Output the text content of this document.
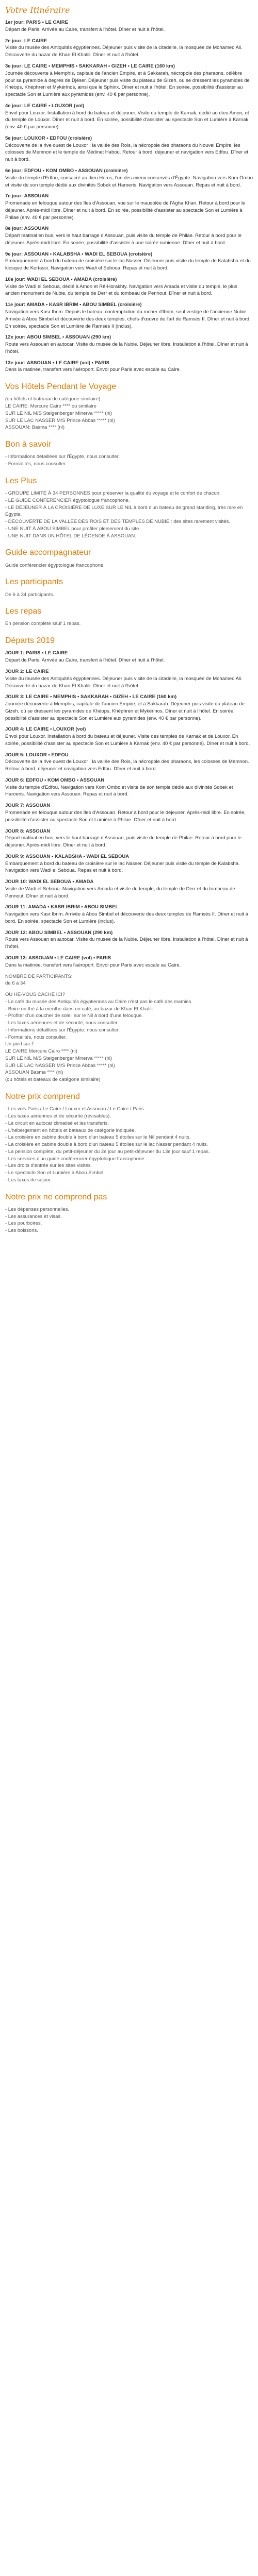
Votre Itinéraire
1er jour: PARIS • LE CAIRE

Départ de Paris. Arrivée au Caire, transfert à l'hôtel. Dîner et nuit à l'hôtel.

2e jour: LE CAIRE

Visite du musée des Antiquités égyptiennes. Déjeuner puis visite de la citadelle, la mosquée de Mohamed Ali. Découverte du bazar de Khan El Khalili. Dîner et nuit à l'hôtel.

3e jour: LE CAIRE • MEMPHIS • SAKKARAH • GIZEH • LE CAIRE (160 km)

Journée découverte à Memphis, capitale de l'ancien Empire, et à Sakkarah, nécropole des pharaons, célèbre pour sa pyramide à degrés de Djéser. Déjeuner puis visite du plateau de Gizeh, où se dressent les pyramides de Khéops, Khéphren et Mykérinos, ainsi que le Sphinx. Dîner et nuit à l'hôtel. En soirée, possibilité d'assister au spectacle Son et Lumière aux pyramides (env. 40 € par personne).

4e jour: LE CAIRE • LOUXOR (vol)

Envol pour Louxor. Installation à bord du bateau et déjeuner. Visite du temple de Karnak, dédié au dieu Amon, et du temple de Louxor. Dîner et nuit à bord. En soirée, possibilité d'assister au spectacle Son et Lumière à Karnak (env. 40 € par personne).

5e jour: LOUXOR • EDFOU (croisière)

Découverte de la rive ouest de Louxor : la vallée des Rois, la nécropole des pharaons du Nouvel Empire, les colosses de Memnon et le temple de Médinet Habou. Retour à bord, déjeuner et navigation vers Edfou. Dîner et nuit à bord.

6e jour: EDFOU • KOM OMBO • ASSOUAN (croisière)

Visite du temple d'Edfou, consacré au dieu Horus, l'un des mieux conservés d'Égypte. Navigation vers Kom Ombo et visite de son temple dédié aux divinités Sobek et Haroeris. Navigation vers Assouan. Repas et nuit à bord.

7e jour: ASSOUAN

Promenade en felouque autour des îles d'Assouan, vue sur le mausolée de l'Agha Khan. Retour à bord pour le déjeuner. Après-midi libre. Dîner et nuit à bord. En soirée, possibilité d'assister au spectacle Son et Lumière à Philae (env. 40 € par personne).

8e jour: ASSOUAN

Départ matinal en bus, vers le haut barrage d'Assouan, puis visite du temple de Philae. Retour à bord pour le déjeuner. Après-midi libre. En soirée, possibilité d'assister à une soirée nubienne. Dîner et nuit à bord.

9e jour: ASSOUAN • KALABSHA • WADI EL SEBOUA (croisière)

Embarquement à bord du bateau de croisière sur le lac Nasser. Déjeuner puis visite du temple de Kalabsha et du kiosque de Kertassi. Navigation vers Wadi el Seboua. Repas et nuit à bord.

10e jour: WADI EL SEBOUA • AMADA (croisière)

Visite de Wadi el Seboua, dédié à Amon et Rê-Horakhty. Navigation vers Amada et visite du temple, le plus ancien monument de Nubie, du temple de Derr et du tombeau de Pennout. Dîner et nuit à bord.

11e jour: AMADA • KASR IBRIM • ABOU SIMBEL (croisière)

Navigation vers Kasr Ibrim. Depuis le bateau, contemplation du rocher d'Ibrim, seul vestige de l'ancienne Nubie. Arrivée à Abou Simbel et découverte des deux temples, chefs-d'œuvre de l'art de Ramsès II. Dîner et nuit à bord. En soirée, spectacle Son et Lumière de Ramsès II (inclus).

12e jour: ABOU SIMBEL • ASSOUAN (290 km)

Route vers Assouan en autocar. Visite du musée de la Nubie. Déjeuner libre. Installation à l'hôtel. Dîner et nuit à l'hôtel.

13e jour: ASSOUAN • LE CAIRE (vol) • PARIS

Dans la matinée, transfert vers l'aéroport. Envol pour Paris avec escale au Caire.

Vos Hôtels Pendant le Voyage
(ou hôtels et bateaux de catégorie similaire)
LE CAIRE: Mercure Cairo **** ou similaire
SUR LE NIL M/S Steigenberger Minerva ***** (nl)
SUR LE LAC NASSER M/S Prince Abbas ***** (nl)
ASSOUAN: Basma **** (nl)
Bon à savoir
- Informations détaillées sur l'Égypte, nous consulter.
- Formalités, nous consulter.
Les Plus
- GROUPE LIMITÉ À 34 PERSONNES pour préserver la qualité du voyage et le confort de chacun.
- LE GUIDE CONFÉRENCIER égyptologue francophone.
- LE DÉJEUNER À LA CROISIÈRE DE LUXE SUR LE NIL à bord d'un bateau de grand standing, très rare en Égypte.
- DÉCOUVERTE DE LA VALLÉE DES ROIS ET DES TEMPLES DE NUBIE : des sites rarement visités.
- UNE NUIT À ABOU SIMBEL pour profiter pleinement du site.
- UNE NUIT DANS UN HÔTEL DE LÉGENDE À ASSOUAN.
Guide accompagnateur

Guide conférencier égyptologue francophone.

Les participants

De 6 à 34 participants.

Les repas

En pension complète sauf 1 repas.

Départs 2019
JOUR 1: PARIS • LE CAIRE

Départ de Paris. Arrivée au Caire, transfert à l'hôtel. Dîner et nuit à l'hôtel.

JOUR 2: LE CAIRE

Visite du musée des Antiquités égyptiennes. Déjeuner puis visite de la citadelle, la mosquée de Mohamed Ali. Découverte du bazar de Khan El Khalili. Dîner et nuit à l'hôtel.

JOUR 3: LE CAIRE • MEMPHIS • SAKKARAH • GIZEH • LE CAIRE (160 km)

Journée découverte à Memphis, capitale de l'ancien Empire, et à Sakkarah. Déjeuner puis visite du plateau de Gizeh, où se dressent les pyramides de Khéops, Khéphren et Mykérinos. Dîner et nuit à l'hôtel. En soirée, possibilité d'assister au spectacle Son et Lumière aux pyramides (env. 40 € par personne).

JOUR 4: LE CAIRE • LOUXOR (vol)

Envol pour Louxor. Installation à bord du bateau et déjeuner. Visite des temples de Karnak et de Louxor. En soirée, possibilité d'assister au spectacle Son et Lumière à Karnak (env. 40 € par personne). Dîner et nuit à bord.

JOUR 5: LOUXOR • EDFOU

Découverte de la rive ouest de Louxor : la vallée des Rois, la nécropole des pharaons, les colosses de Memnon. Retour à bord, déjeuner et navigation vers Edfou. Dîner et nuit à bord.

JOUR 6: EDFOU • KOM OMBO • ASSOUAN

Visite du temple d'Edfou. Navigation vers Kom Ombo et visite de son temple dédié aux divinités Sobek et Haroeris. Navigation vers Assouan. Repas et nuit à bord.

JOUR 7: ASSOUAN

Promenade en felouque autour des îles d'Assouan. Retour à bord pour le déjeuner. Après-midi libre. En soirée, possibilité d'assister au spectacle Son et Lumière à Philae. Dîner et nuit à bord.

JOUR 8: ASSOUAN

Départ matinal en bus, vers le haut barrage d'Assouan, puis visite du temple de Philae. Retour à bord pour le déjeuner. Après-midi libre. Dîner et nuit à bord.

JOUR 9: ASSOUAN • KALABSHA • WADI EL SEBOUA

Embarquement à bord du bateau de croisière sur le lac Nasser. Déjeuner puis visite du temple de Kalabsha. Navigation vers Wadi el Seboua. Repas et nuit à bord.

JOUR 10: WADI EL SEBOUA • AMADA

Visite de Wadi el Seboua. Navigation vers Amada et visite du temple, du temple de Derr et du tombeau de Pennout. Dîner et nuit à bord.

JOUR 11: AMADA • KASR IBRIM • ABOU SIMBEL

Navigation vers Kasr Ibrim. Arrivée à Abou Simbel et découverte des deux temples de Ramsès II. Dîner et nuit à bord. En soirée, spectacle Son et Lumière (inclus).

JOUR 12: ABOU SIMBEL • ASSOUAN (290 km)

Route vers Assouan en autocar. Visite du musée de la Nubie. Déjeuner libre. Installation à l'hôtel. Dîner et nuit à l'hôtel.

JOUR 13: ASSOUAN • LE CAIRE (vol) • PARIS

Dans la matinée, transfert vers l'aéroport. Envol pour Paris avec escale au Caire.

NOMBRE DE PARTICIPANTS:
de 6 à 34
OU HÉ-VOUS CACHÉ ICI?
- Le café du musée des Antiquités égyptiennes au Caire n'est pas le café des mamies.
- Boire un thé à la menthe dans un café, au bazar de Khan El Khalili.
- Profiter d'un coucher de soleil sur le Nil à bord d'une felouque.
- Les taxes aériennes et de sécurité, nous consulter.
- Informations détaillées sur l'Égypte, nous consulter.
- Formalités, nous consulter.
Un pied sur l'
LE CAIRE Mercure Cairo **** (nl)
SUR LE NIL M/S Steigenberger Minerva ***** (nl)
SUR LE LAC NASSER M/S Prince Abbas ***** (nl)
ASSOUAN Basma **** (nl)
(ou hôtels et bateaux de catégorie similaire)
Notre prix comprend
- Les vols Paris / Le Caire / Louxor et Assouan / Le Caire / Paris.
- Les taxes aériennes et de sécurité (révisables).
- Le circuit en autocar climatisé et les transferts.
- L'hébergement en hôtels et bateaux de catégorie indiquée.
- La croisière en cabine double à bord d'un bateau 5 étoiles sur le Nil pendant 4 nuits.
- La croisière en cabine double à bord d'un bateau 5 étoiles sur le lac Nasser pendant 4 nuits.
- La pension complète, du petit-déjeuner du 2e jour au petit-déjeuner du 13e jour sauf 1 repas.
- Les services d'un guide conférencier égyptologue francophone.
- Les droits d'entrée sur les sites visités.
- Le spectacle Son et Lumière à Abou Simbel.
- Les taxes de séjour.
Notre prix ne comprend pas
- Les dépenses personnelles.
- Les assurances et visas.
- Les pourboires.
- Les boissons.
